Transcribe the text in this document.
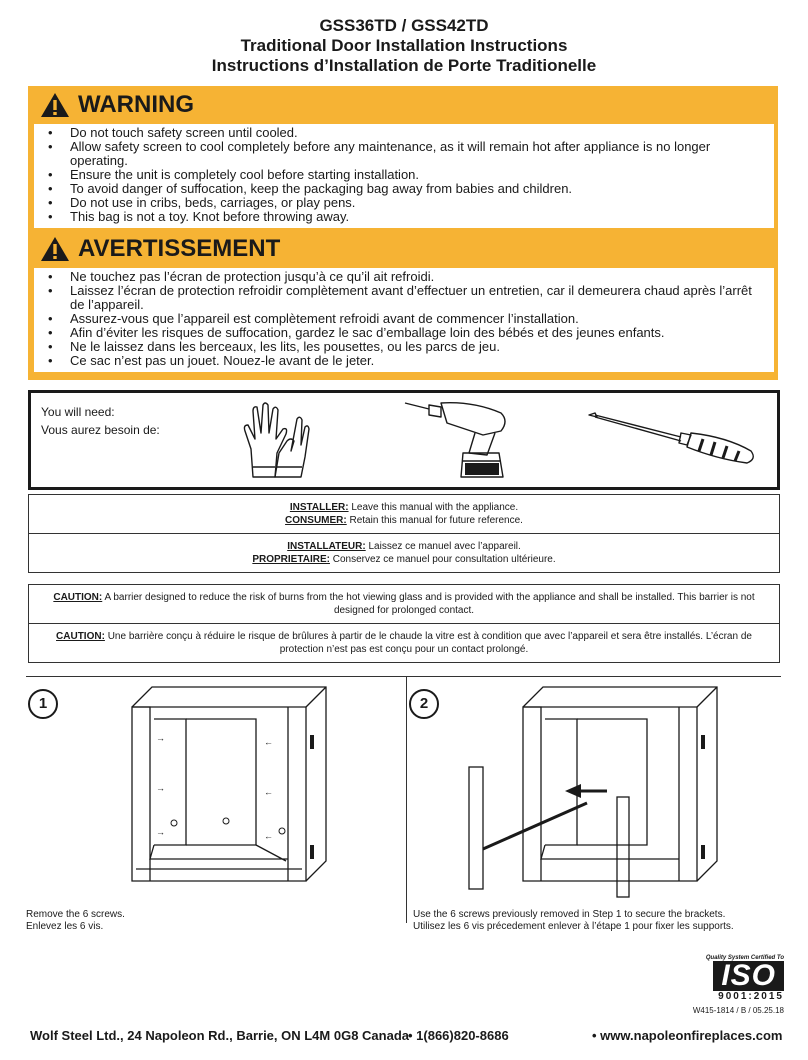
GSS36TD / GSS42TD
Traditional Door Installation Instructions
Instructions d’Installation de Porte Traditionelle
WARNING
• Do not touch safety screen until cooled.
• Allow safety screen to cool completely before any maintenance, as it will remain hot after appliance is no longer operating.
• Ensure the unit is completely cool before starting installation.
• To avoid danger of suffocation, keep the packaging bag away from babies and children.
• Do not use in cribs, beds, carriages, or play pens.
• This bag is not a toy. Knot before throwing away.
AVERTISSEMENT
• Ne touchez pas l’écran de protection jusqu’à ce qu’il ait refroidi.
• Laissez l’écran de protection refroidir complètement avant d’effectuer un entretien, car il demeurera chaud après l’arrêt de l’appareil.
• Assurez-vous que l’appareil est complètement refroidi avant de commencer l’installation.
• Afin d’éviter les risques de suffocation, gardez le sac d’emballage loin des bébés et des jeunes enfants.
• Ne le laissez dans les berceaux, les lits, les pousettes, ou les parcs de jeu.
• Ce sac n’est pas un jouet. Nouez-le avant de le jeter.
You will need:
Vous aurez besoin de:
INSTALLER: Leave this manual with the appliance.
CONSUMER: Retain this manual for future reference.
INSTALLATEUR: Laissez ce manuel avec l’appareil.
PROPRIETAIRE: Conservez ce manuel pour consultation ultérieure.
CAUTION: A barrier designed to reduce the risk of burns from the hot viewing glass and is provided with the appliance and shall be installed. This barrier is not designed for prolonged contact.
CAUTION: Une barrière conçu à réduire le risque de brûlures à partir de le chaude la vitre est à condition que avec l’appareil et sera être installés. L’écran de protection n’est pas est conçu pour un contact prolongé.
1
→
→
→
←
←
←
Remove the 6 screws.
Enlevez les 6 vis.
2
Use the 6 screws previously removed in Step 1 to secure the brackets.
Utilisez les 6 vis précedement enlever à l’étape 1 pour fixer les supports.
Quality System Certified To
ISO
9001:2015
W415-1814 / B / 05.25.18
Wolf Steel Ltd., 24 Napoleon Rd., Barrie, ON L4M 0G8 Canada • 1(866)820-8686	• www.napoleonfireplaces.com
